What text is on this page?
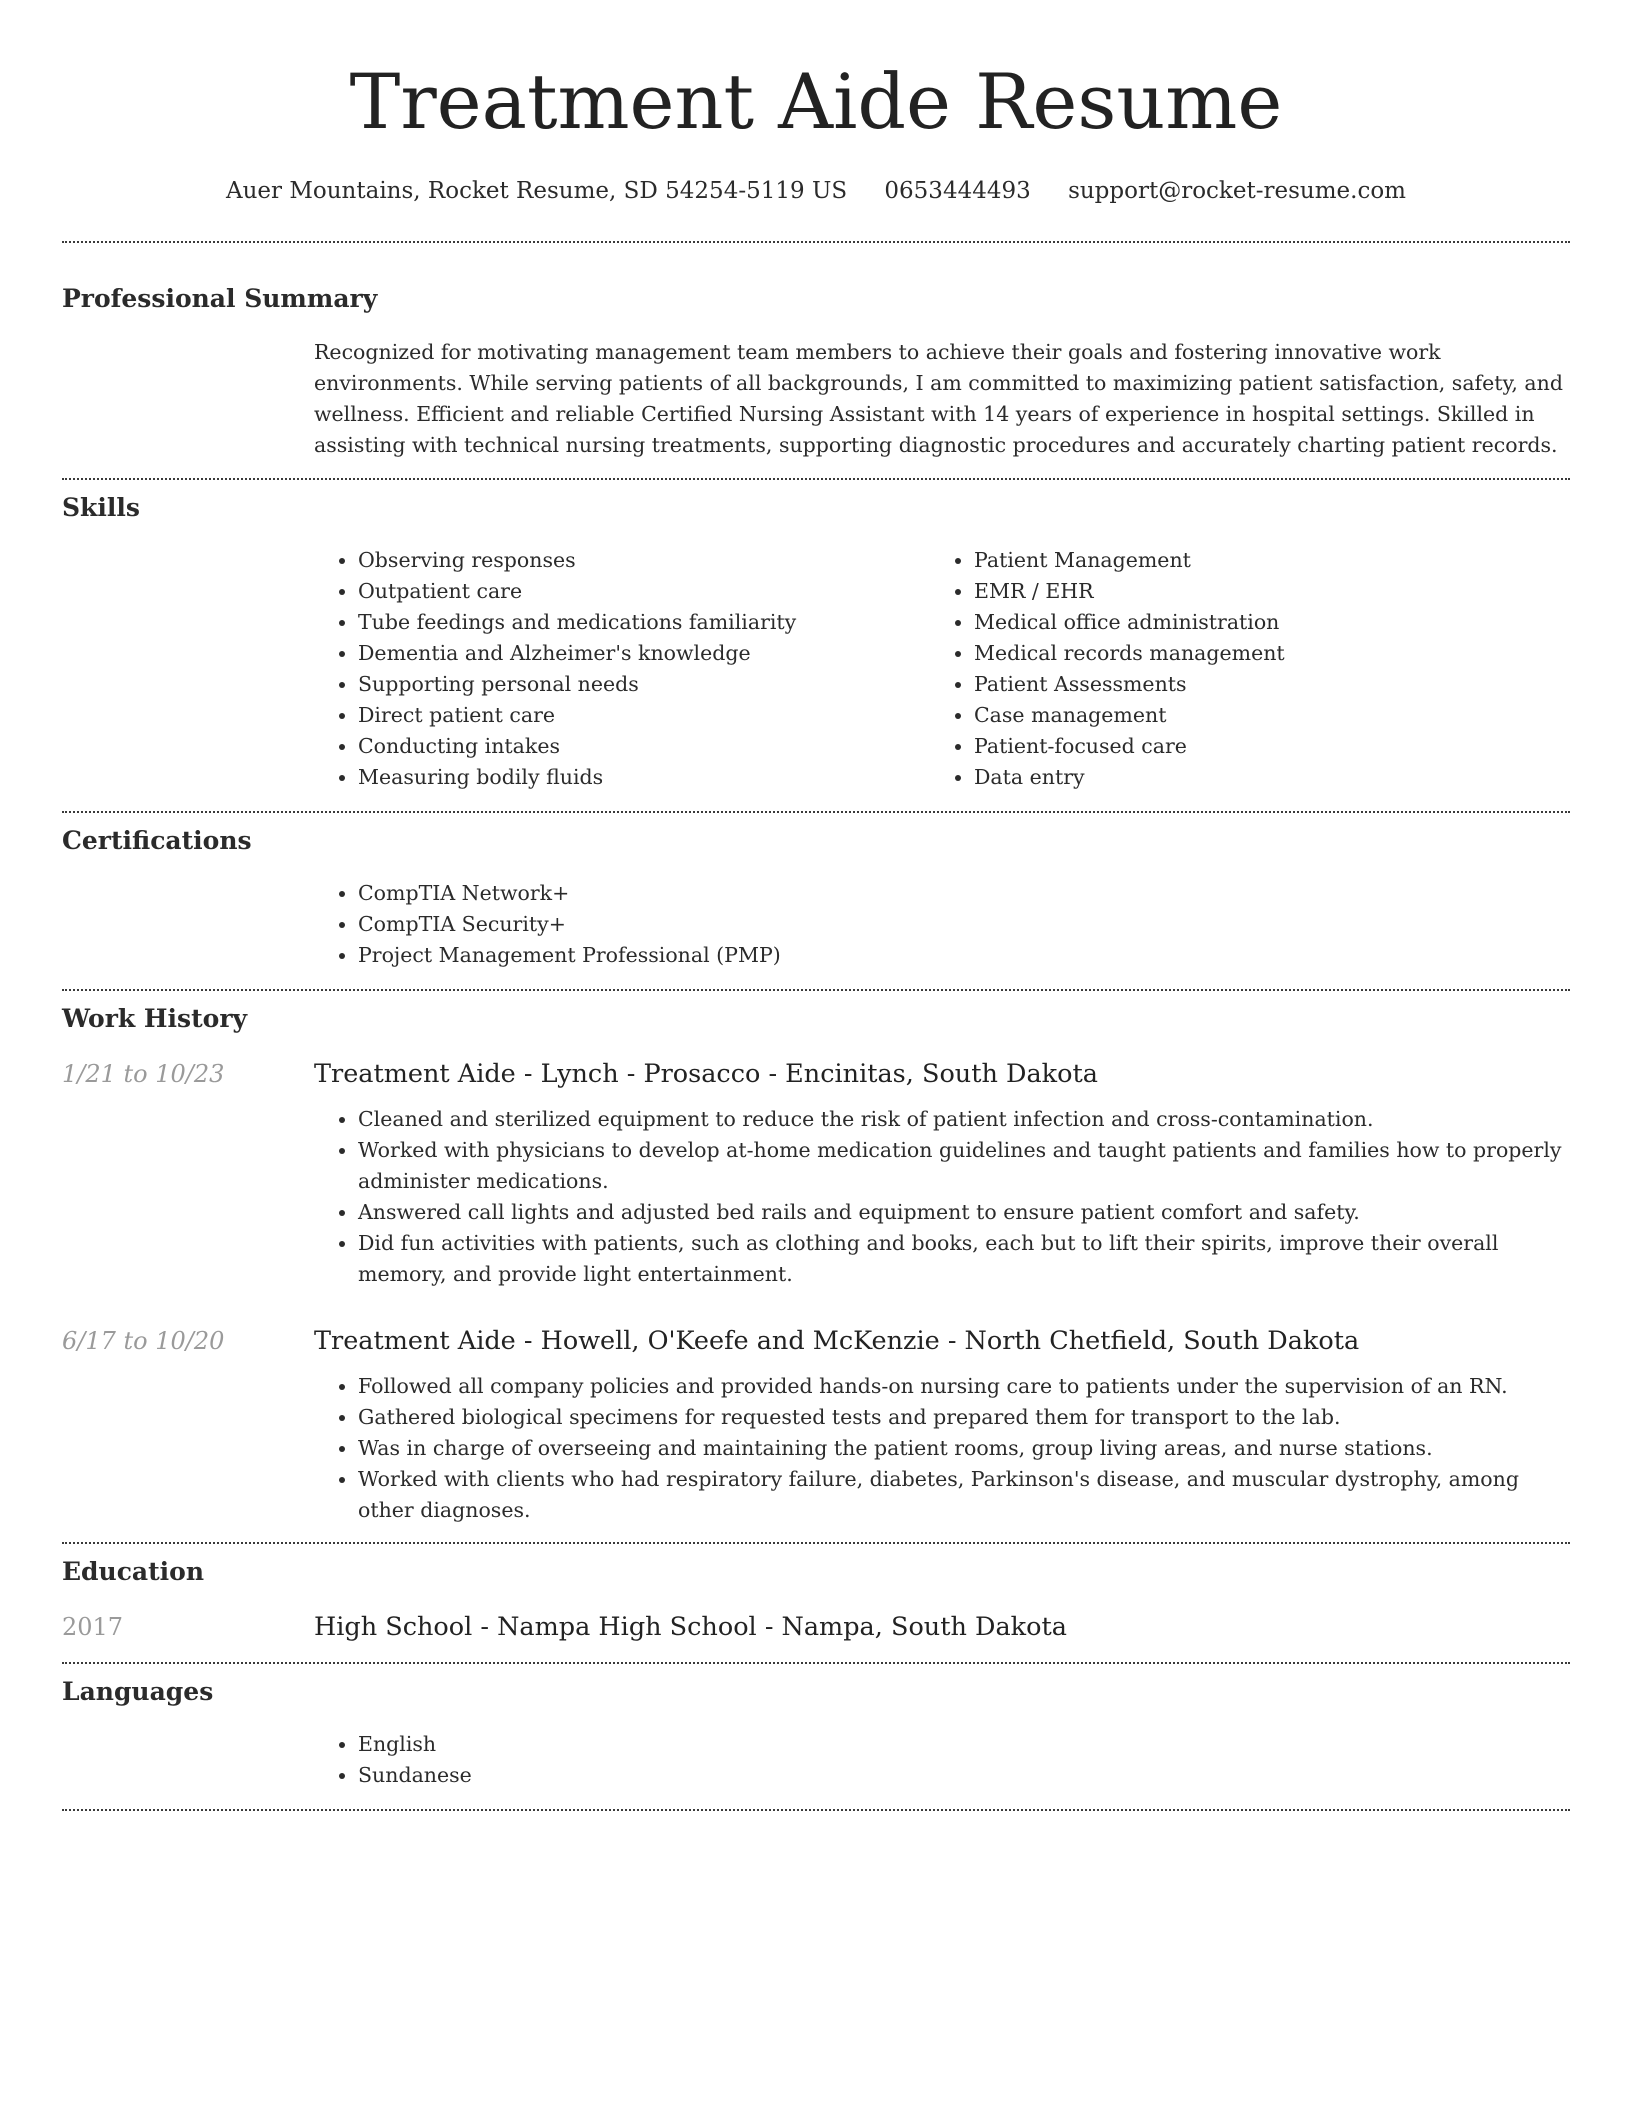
Treatment Aide Resume
Auer Mountains, Rocket Resume, SD 54254-5119 US 0653444493 support@rocket-resume.com
Professional Summary

Recognized for motivating management team members to achieve their goals and fostering innovative work environments. While serving patients of all backgrounds, I am committed to maximizing patient satisfaction, safety, and wellness. Efficient and reliable Certified Nursing Assistant with 14 years of experience in hospital settings. Skilled in assisting with technical nursing treatments, supporting diagnostic procedures and accurately charting patient records.

Skills
• Observing responses
• Outpatient care
• Tube feedings and medications familiarity
• Dementia and Alzheimer's knowledge
• Supporting personal needs
• Direct patient care
• Conducting intakes
• Measuring bodily fluids
• Patient Management
• EMR / EHR
• Medical office administration
• Medical records management
• Patient Assessments
• Case management
• Patient-focused care
• Data entry
Certifications
• CompTIA Network+
• CompTIA Security+
• Project Management Professional (PMP)
Work History
1/21 to 10/23	Treatment Aide - Lynch - Prosacco - Encinitas, South Dakota
• Cleaned and sterilized equipment to reduce the risk of patient infection and cross-contamination.
• Worked with physicians to develop at-home medication guidelines and taught patients and families how to properly administer medications.
• Answered call lights and adjusted bed rails and equipment to ensure patient comfort and safety.
• Did fun activities with patients, such as clothing and books, each but to lift their spirits, improve their overall memory, and provide light entertainment.
6/17 to 10/20	Treatment Aide - Howell, O'Keefe and McKenzie - North Chetfield, South Dakota
• Followed all company policies and provided hands-on nursing care to patients under the supervision of an RN.
• Gathered biological specimens for requested tests and prepared them for transport to the lab.
• Was in charge of overseeing and maintaining the patient rooms, group living areas, and nurse stations.
• Worked with clients who had respiratory failure, diabetes, Parkinson's disease, and muscular dystrophy, among other diagnoses.
Education
2017	High School - Nampa High School - Nampa, South Dakota
Languages
• English
• Sundanese
